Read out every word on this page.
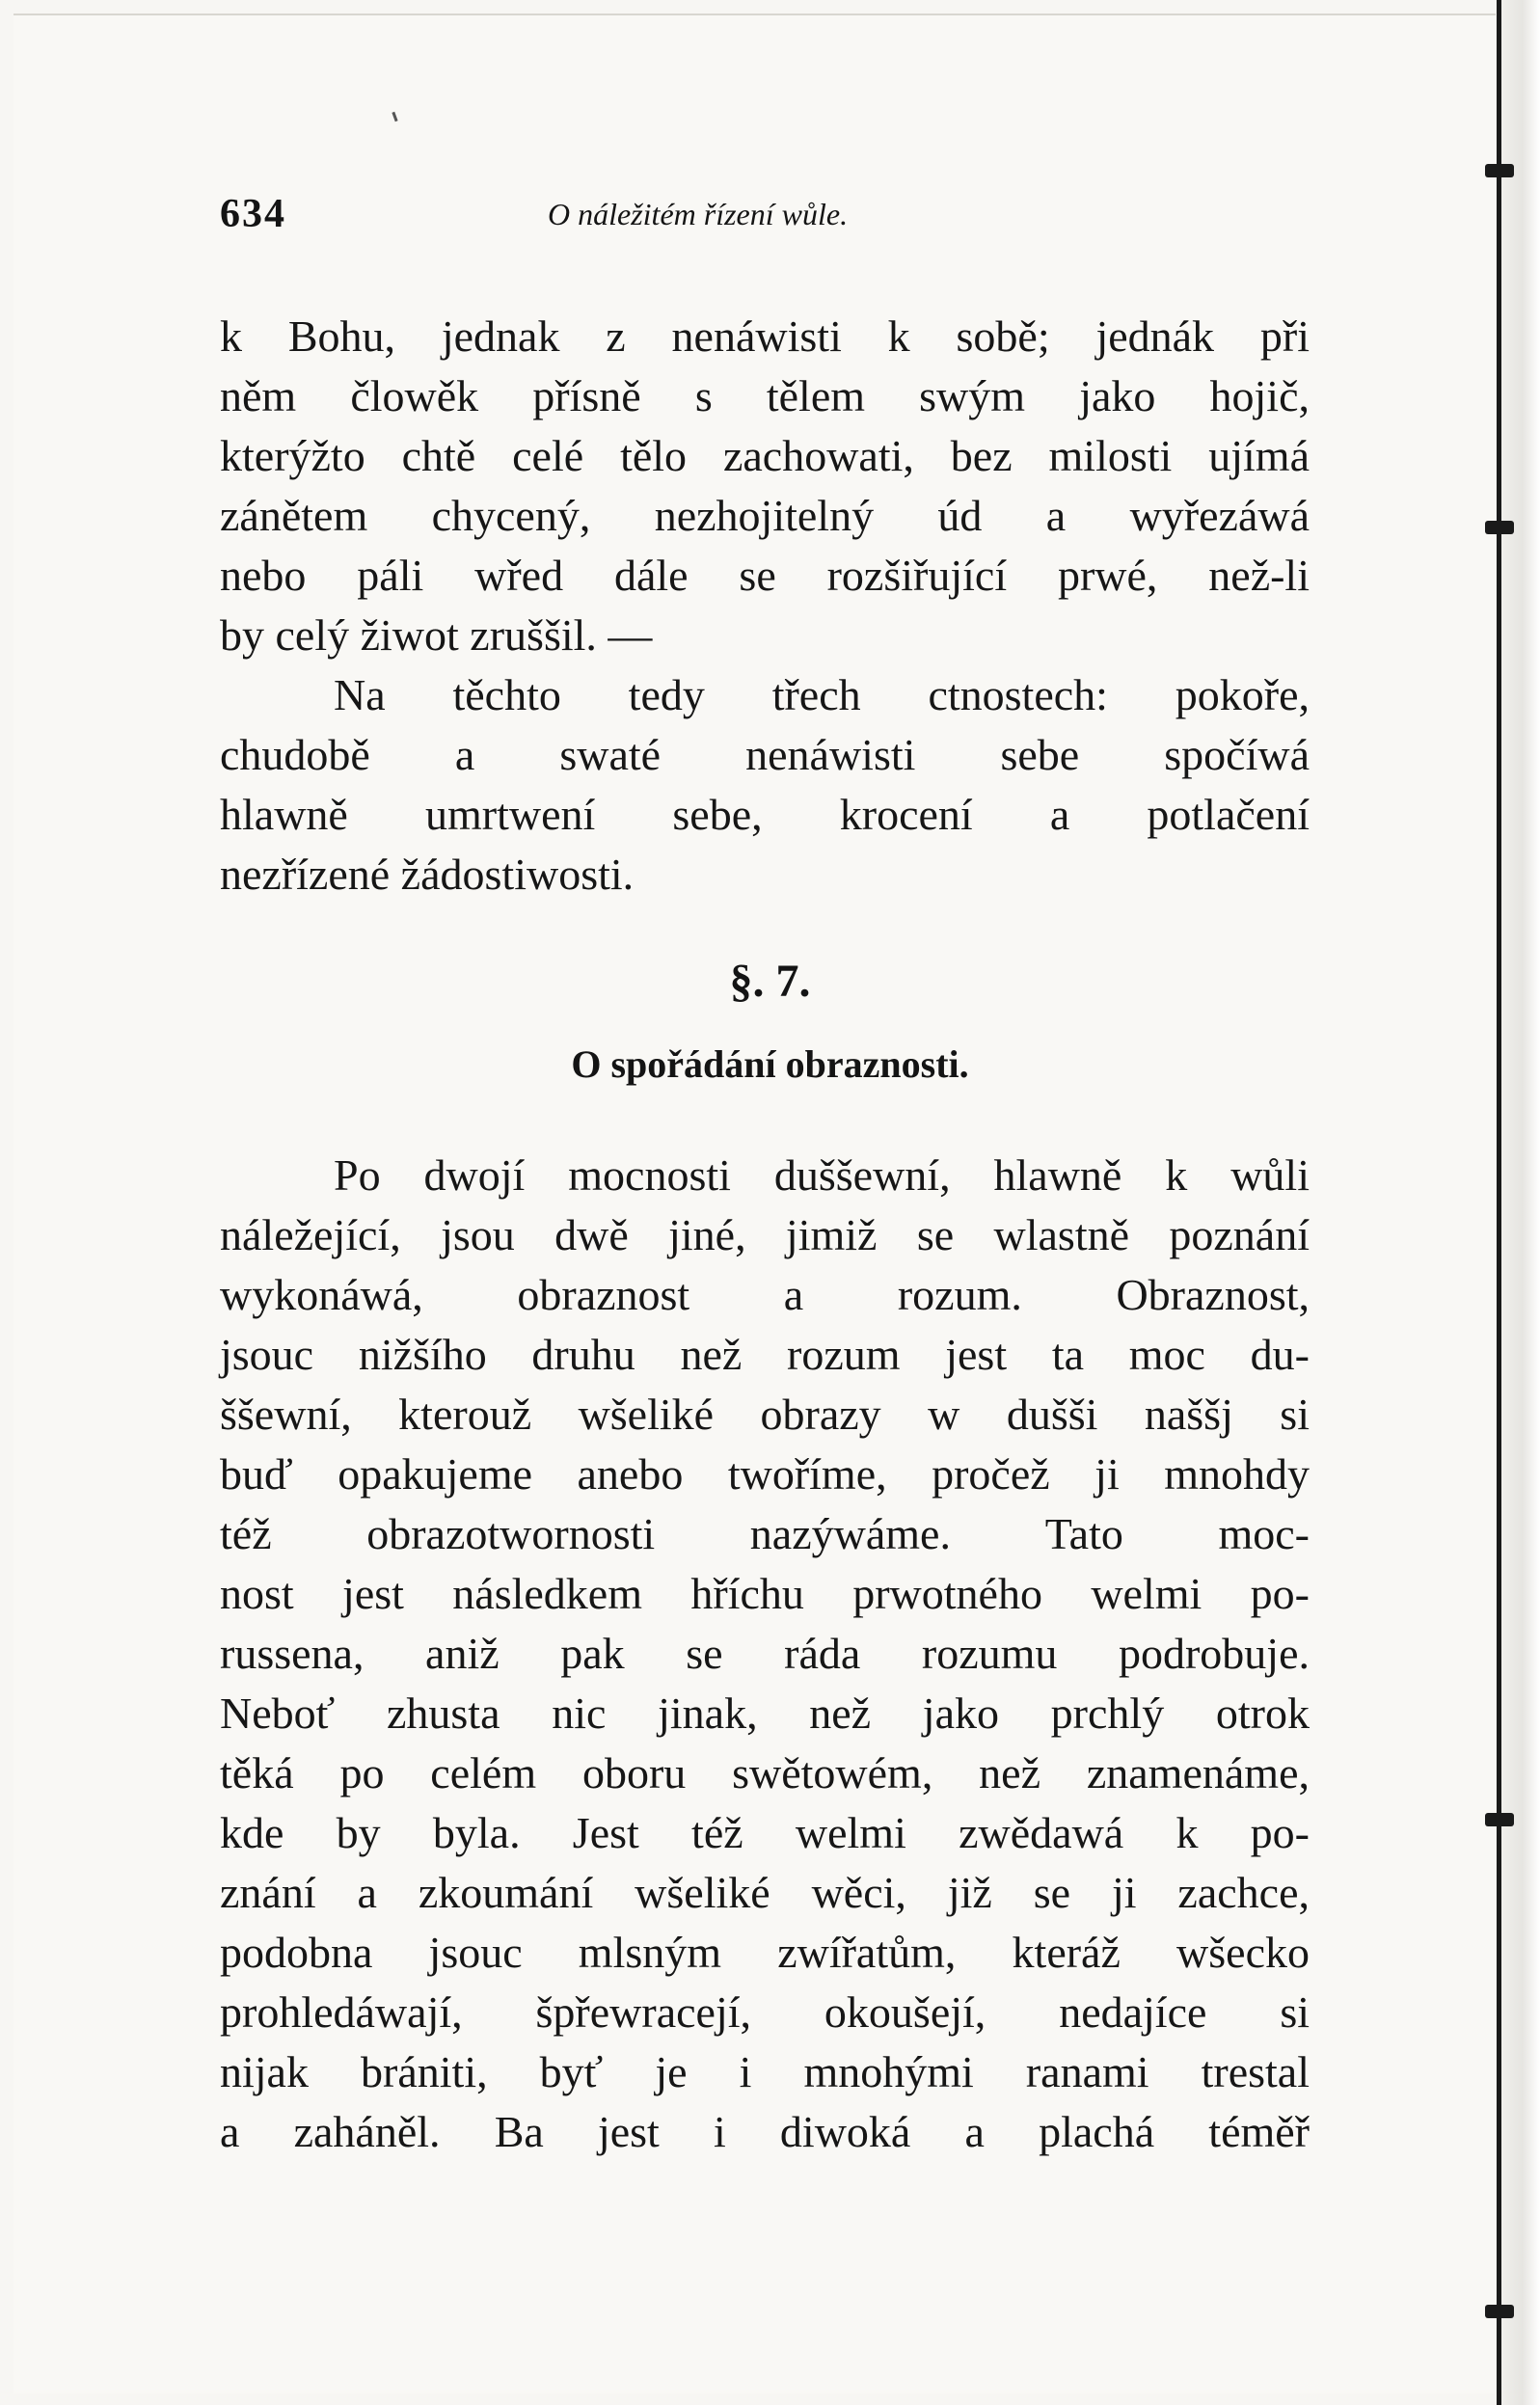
634	O náležitém řízení wůle.
k Bohu, jednak z nenáwisti k sobě; jednák při
něm člowěk přísně s tělem swým jako hojič,
kterýžto chtě celé tělo zachowati, bez milosti ujímá
zánětem chycený, nezhojitelný úd a wyřezáwá
nebo páli wřed dále se rozšiřující prwé, než-li
by celý žiwot zruššil. —
Na těchto tedy třech ctnostech: pokoře,
chudobě a swaté nenáwisti sebe spočíwá
hlawně umrtwení sebe, krocení a potlačení
nezřízené žádostiwosti.
§. 7.
O spořádání obraznosti.
Po dwojí mocnosti duššewní, hlawně k wůli
náležející, jsou dwě jiné, jimiž se wlastně poznání
wykonáwá, obraznost a rozum. Obraznost,
jsouc nižšího druhu než rozum jest ta moc du-
ššewní, kterouž wšeliké obrazy w dušši naššj si
buď opakujeme anebo twoříme, pročež ji mnohdy
též obrazotwornosti nazýwáme. Tato moc-
nost jest následkem hříchu prwotného welmi po-
russena, aniž pak se ráda rozumu podrobuje.
Neboť zhusta nic jinak, než jako prchlý otrok
těká po celém oboru swětowém, než znamenáme,
kde by byla. Jest též welmi zwědawá k po-
znání a zkoumání wšeliké wěci, již se ji zachce,
podobna jsouc mlsným zwířatům, kteráž wšecko
prohledáwají, špřewracejí, okoušejí, nedajíce si
nijak brániti, byť je i mnohými ranami trestal
a zaháněl. Ba jest i diwoká a plachá téměř
